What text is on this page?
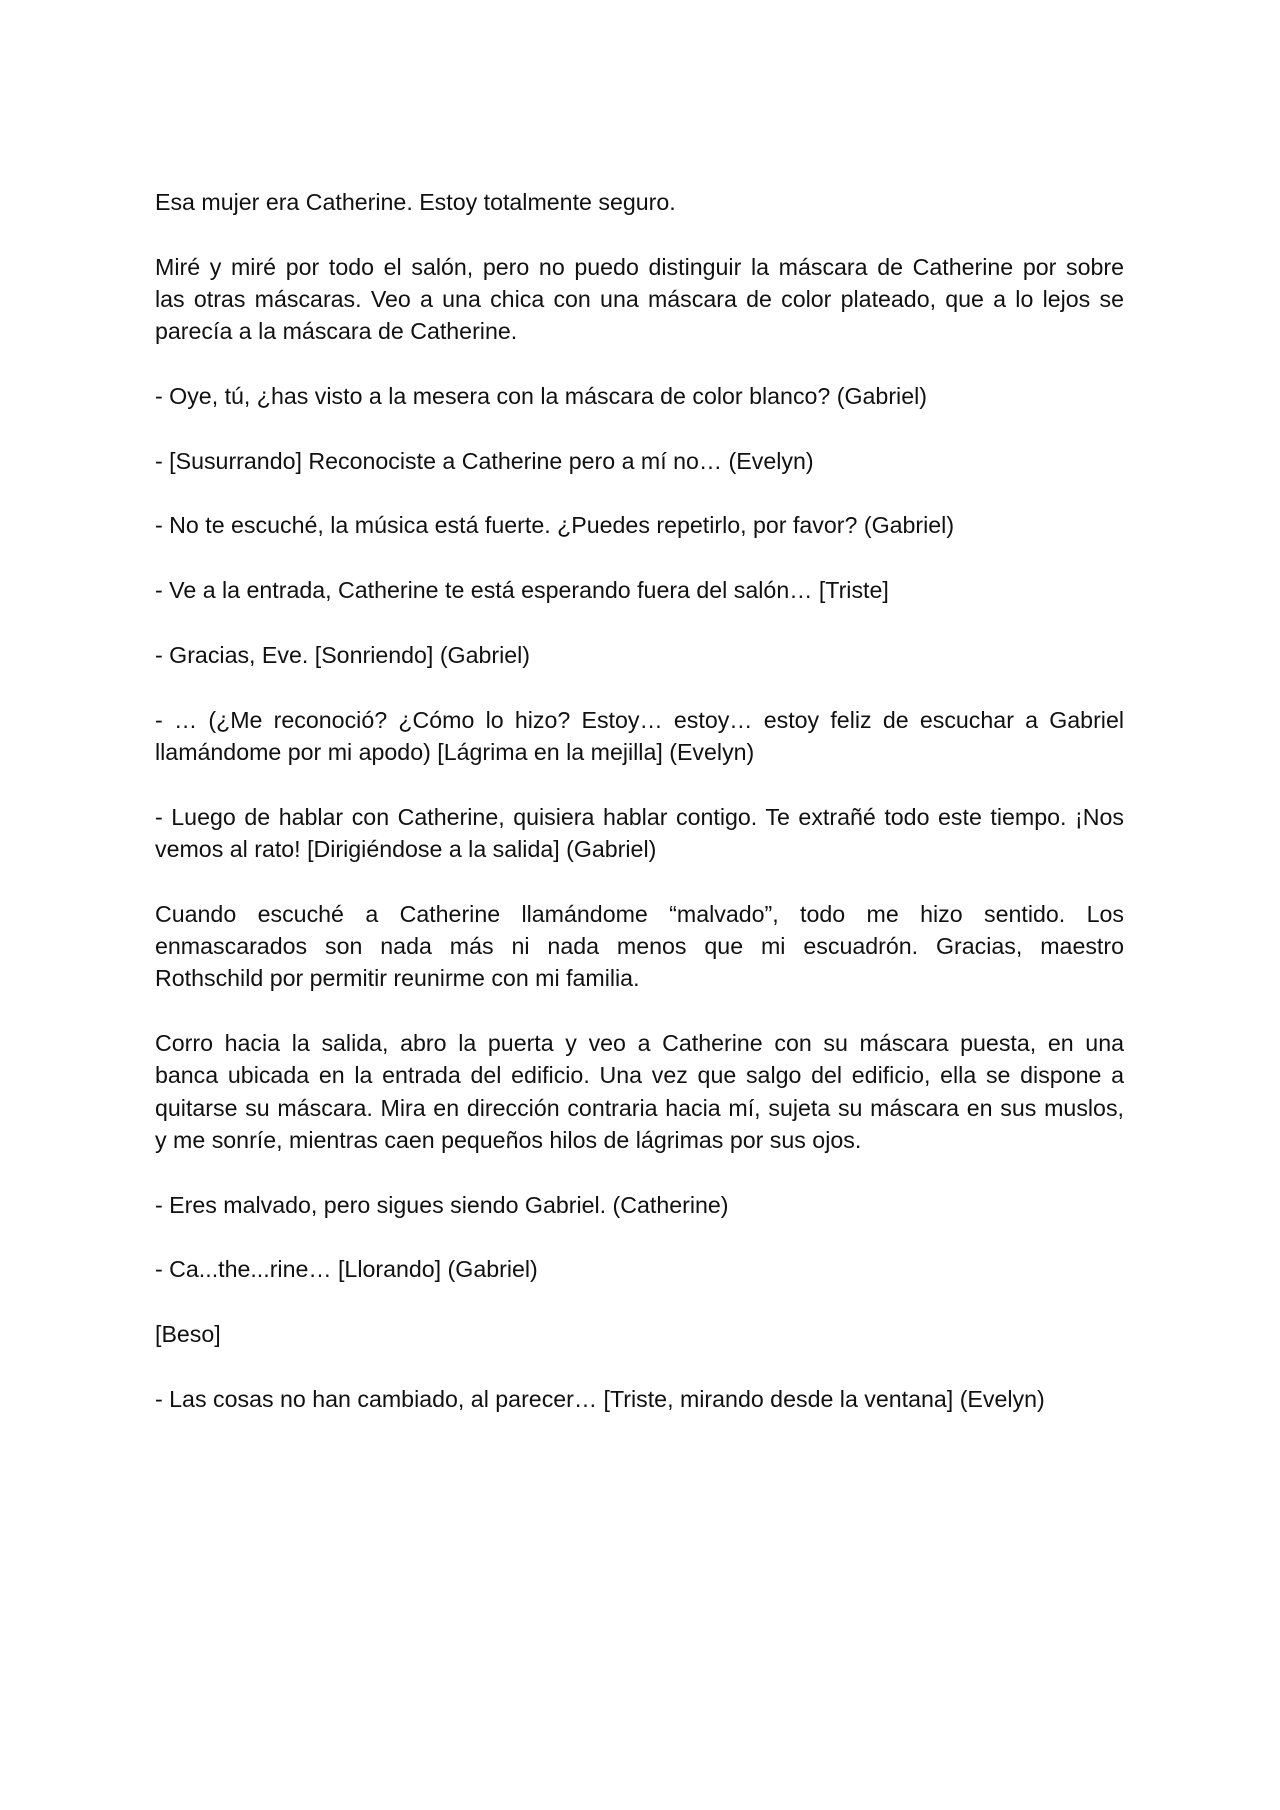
Esa mujer era Catherine. Estoy totalmente seguro.

Miré y miré por todo el salón, pero no puedo distinguir la máscara de Catherine por sobre
las otras máscaras. Veo a una chica con una máscara de color plateado, que a lo lejos se
parecía a la máscara de Catherine.

- Oye, tú, ¿has visto a la mesera con la máscara de color blanco? (Gabriel)

- [Susurrando] Reconociste a Catherine pero a mí no… (Evelyn)

- No te escuché, la música está fuerte. ¿Puedes repetirlo, por favor? (Gabriel)

- Ve a la entrada, Catherine te está esperando fuera del salón… [Triste]

- Gracias, Eve. [Sonriendo] (Gabriel)

- … (¿Me reconoció? ¿Cómo lo hizo? Estoy… estoy… estoy feliz de escuchar a Gabriel
llamándome por mi apodo) [Lágrima en la mejilla] (Evelyn)

- Luego de hablar con Catherine, quisiera hablar contigo. Te extrañé todo este tiempo. ¡Nos
vemos al rato! [Dirigiéndose a la salida] (Gabriel)

Cuando escuché a Catherine llamándome “malvado”, todo me hizo sentido. Los
enmascarados son nada más ni nada menos que mi escuadrón. Gracias, maestro
Rothschild por permitir reunirme con mi familia.

Corro hacia la salida, abro la puerta y veo a Catherine con su máscara puesta, en una
banca ubicada en la entrada del edificio. Una vez que salgo del edificio, ella se dispone a
quitarse su máscara. Mira en dirección contraria hacia mí, sujeta su máscara en sus muslos,
y me sonríe, mientras caen pequeños hilos de lágrimas por sus ojos.

- Eres malvado, pero sigues siendo Gabriel. (Catherine)

- Ca...the...rine… [Llorando] (Gabriel)

[Beso]

- Las cosas no han cambiado, al parecer… [Triste, mirando desde la ventana] (Evelyn)
